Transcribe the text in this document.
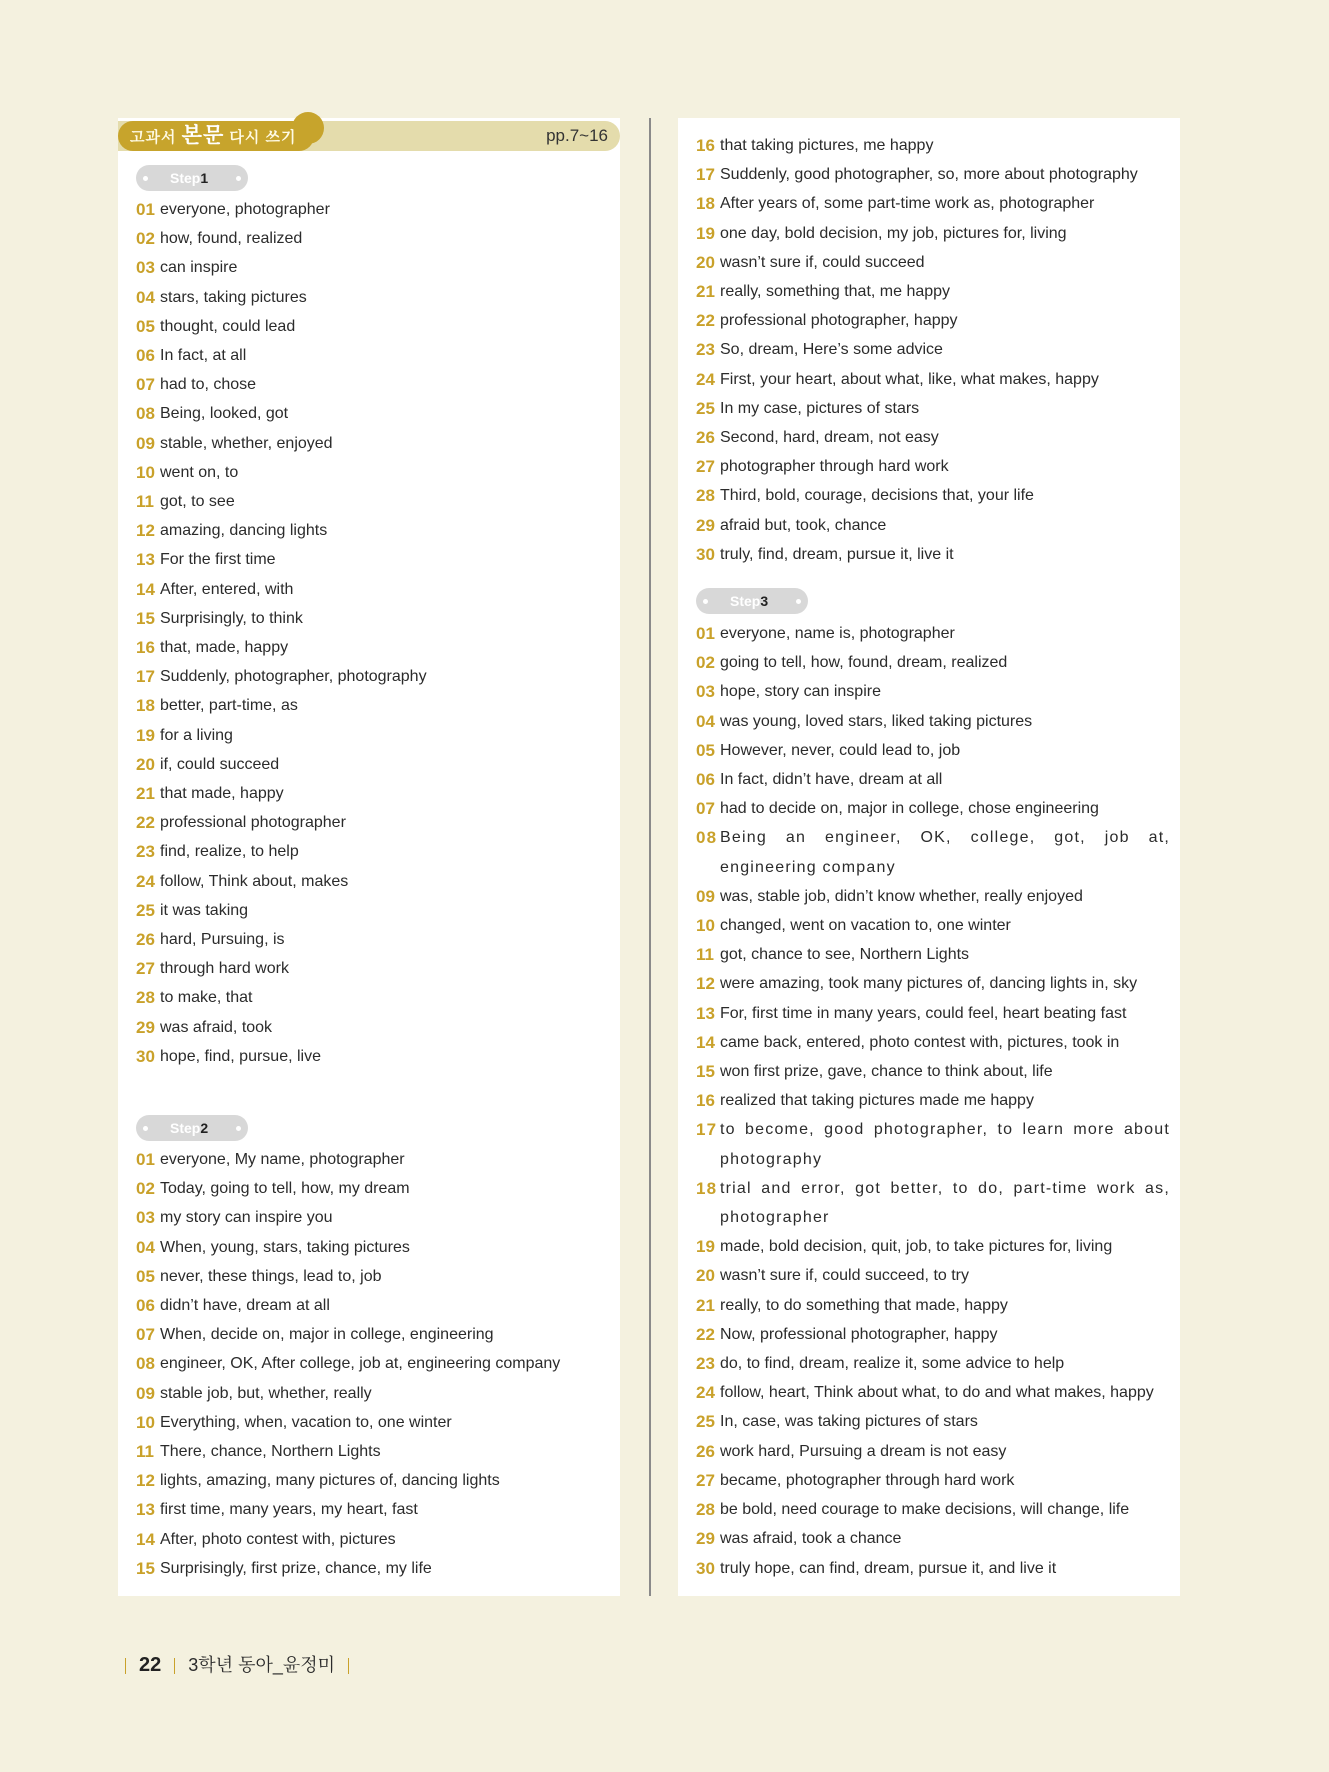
고과서 본문 다시 쓰기	pp.7~16
Step1
01 everyone, photographer
02 how, found, realized
03 can inspire
04 stars, taking pictures
05 thought, could lead
06 In fact, at all
07 had to, chose
08 Being, looked, got
09 stable, whether, enjoyed
10 went on, to
11 got, to see
12 amazing, dancing lights
13 For the first time
14 After, entered, with
15 Surprisingly, to think
16 that, made, happy
17 Suddenly, photographer, photography
18 better, part-time, as
19 for a living
20 if, could succeed
21 that made, happy
22 professional photographer
23 find, realize, to help
24 follow, Think about, makes
25 it was taking
26 hard, Pursuing, is
27 through hard work
28 to make, that
29 was afraid, took
30 hope, find, pursue, live
Step2
01 everyone, My name, photographer
02 Today, going to tell, how, my dream
03 my story can inspire you
04 When, young, stars, taking pictures
05 never, these things, lead to, job
06 didn’t have, dream at all
07 When, decide on, major in college, engineering
08 engineer, OK, After college, job at, engineering company
09 stable job, but, whether, really
10 Everything, when, vacation to, one winter
11 There, chance, Northern Lights
12 lights, amazing, many pictures of, dancing lights
13 first time, many years, my heart, fast
14 After, photo contest with, pictures
15 Surprisingly, first prize, chance, my life
16 that taking pictures, me happy
17 Suddenly, good photographer, so, more about photography
18 After years of, some part-time work as, photographer
19 one day, bold decision, my job, pictures for, living
20 wasn’t sure if, could succeed
21 really, something that, me happy
22 professional photographer, happy
23 So, dream, Here’s some advice
24 First, your heart, about what, like, what makes, happy
25 In my case, pictures of stars
26 Second, hard, dream, not easy
27 photographer through hard work
28 Third, bold, courage, decisions that, your life
29 afraid but, took, chance
30 truly, find, dream, pursue it, live it
Step3
01 everyone, name is, photographer
02 going to tell, how, found, dream, realized
03 hope, story can inspire
04 was young, loved stars, liked taking pictures
05 However, never, could lead to, job
06 In fact, didn’t have, dream at all
07 had to decide on, major in college, chose engineering
08 Being an engineer, OK, college, got, job at, engineering company
09 was, stable job, didn’t know whether, really enjoyed
10 changed, went on vacation to, one winter
11 got, chance to see, Northern Lights
12 were amazing, took many pictures of, dancing lights in, sky
13 For, first time in many years, could feel, heart beating fast
14 came back, entered, photo contest with, pictures, took in
15 won first prize, gave, chance to think about, life
16 realized that taking pictures made me happy
17 to become, good photographer, to learn more about photography
18 trial and error, got better, to do, part-time work as, photographer
19 made, bold decision, quit, job, to take pictures for, living
20 wasn’t sure if, could succeed, to try
21 really, to do something that made, happy
22 Now, professional photographer, happy
23 do, to find, dream, realize it, some advice to help
24 follow, heart, Think about what, to do and what makes, happy
25 In, case, was taking pictures of stars
26 work hard, Pursuing a dream is not easy
27 became, photographer through hard work
28 be bold, need courage to make decisions, will change, life
29 was afraid, took a chance
30 truly hope, can find, dream, pursue it, and live it
22 3학년 동아_윤정미
